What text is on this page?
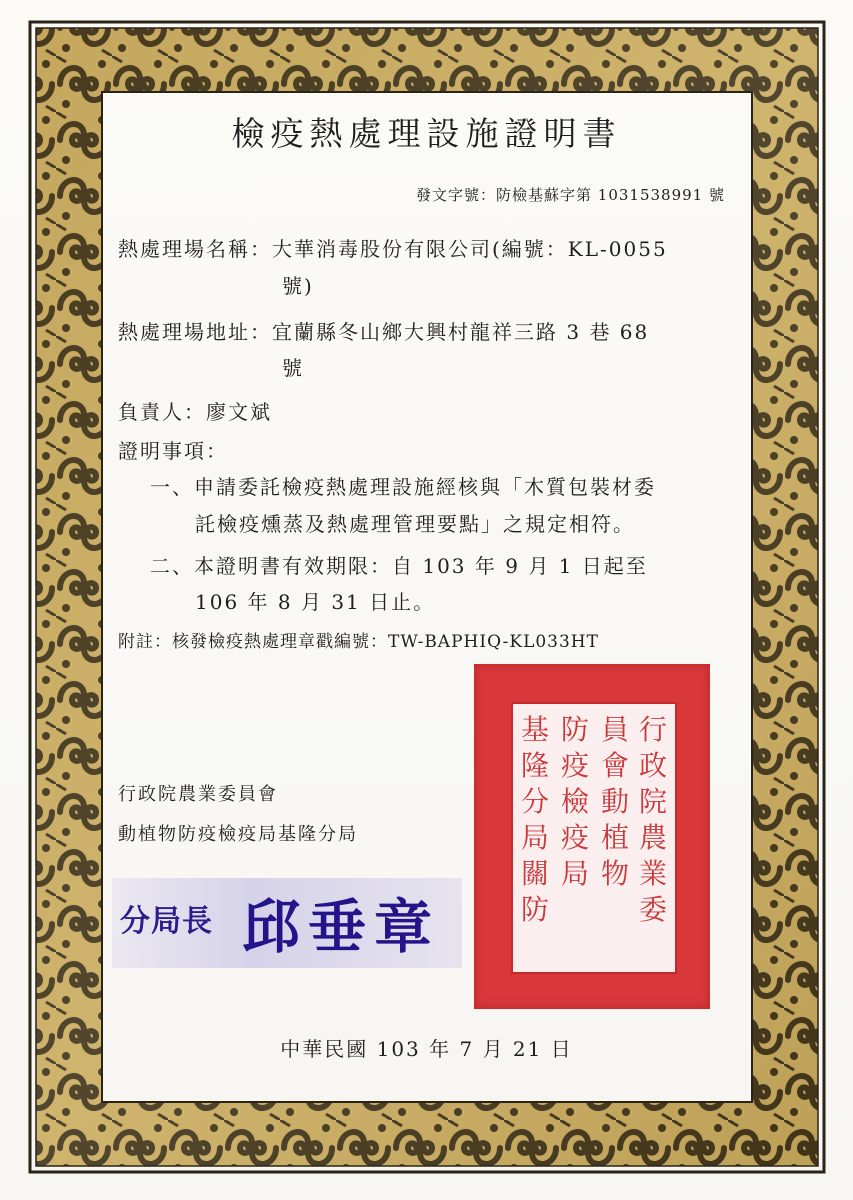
檢疫熱處理設施證明書
發文字號：防檢基蘇字第 1031538991 號
熱處理場名稱：大華消毒股份有限公司(編號：KL-0055
號)
熱處理場地址：宜蘭縣冬山鄉大興村龍祥三路 3 巷 68
號
負責人：廖文斌
證明事項：
一、申請委託檢疫熱處理設施經核與「木質包裝材委
託檢疫燻蒸及熱處理管理要點」之規定相符。
二、本證明書有效期限：自 103 年 9 月 1 日起至
106 年 8 月 31 日止。
附註：核發檢疫熱處理章戳編號：TW-BAPHIQ-KL033HT
行政院農業委員會
動植物防疫檢疫局基隆分局
分局長 邱垂章
行政院農業委
員會動植物
防疫檢疫局
基隆分局關防
中華民國 103 年 7 月 21 日
